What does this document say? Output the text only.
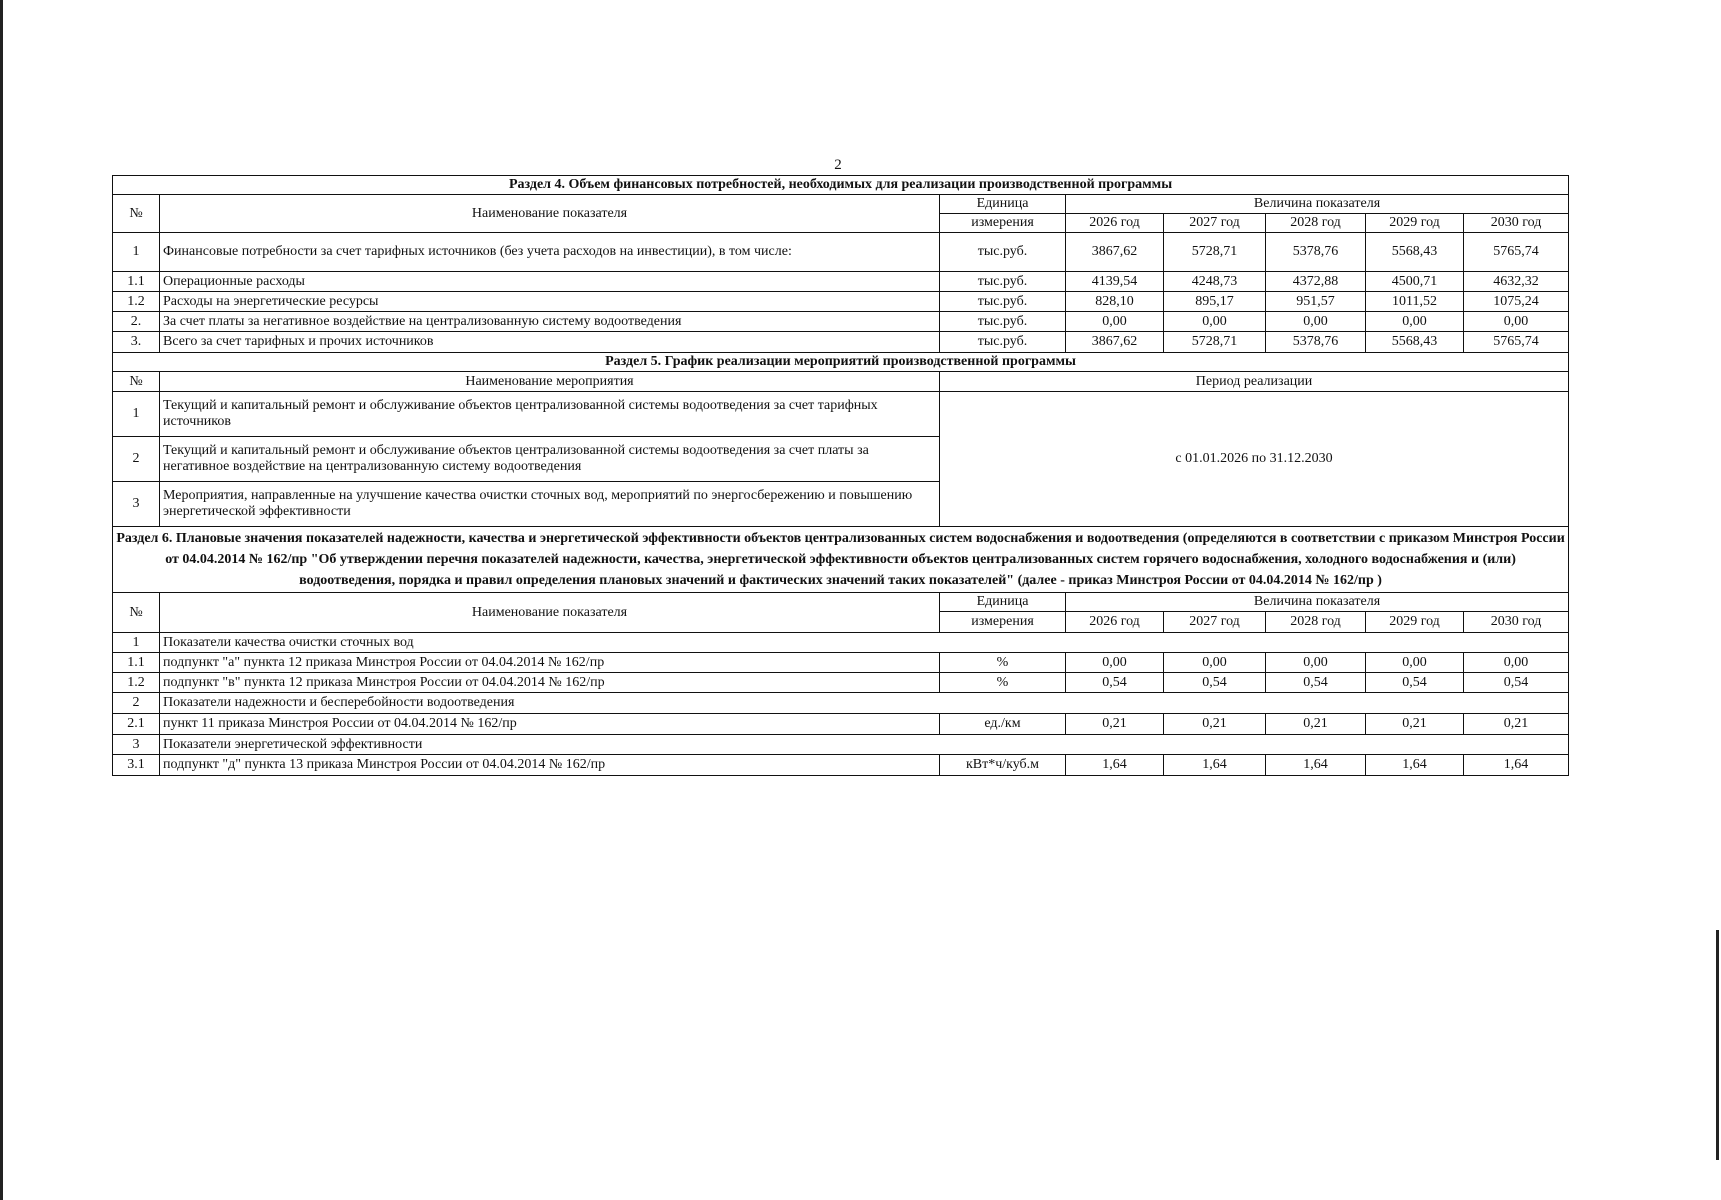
2
Раздел 4. Объем финансовых потребностей, необходимых для реализации производственной программы							
№	Наименование показателя	Единица	Величина показателя				
		измерения	2026 год	2027 год	2028 год	2029 год	2030 год
1	Финансовые потребности за счет тарифных источников (без учета расходов на инвестиции), в том числе:	тыс.руб.	3867,62	5728,71	5378,76	5568,43	5765,74
1.1	Операционные расходы	тыс.руб.	4139,54	4248,73	4372,88	4500,71	4632,32
1.2	Расходы на энергетические ресурсы	тыс.руб.	828,10	895,17	951,57	1011,52	1075,24
2.	За счет платы за негативное воздействие на централизованную систему водоотведения	тыс.руб.	0,00	0,00	0,00	0,00	0,00
3.	Всего за счет тарифных и прочих источников	тыс.руб.	3867,62	5728,71	5378,76	5568,43	5765,74
Раздел 5. График реализации мероприятий производственной программы							
№	Наименование мероприятия	Период реализации					
1	Текущий и капитальный ремонт и обслуживание объектов централизованной системы водоотведения за счет тарифных источников	с 01.01.2026 по 31.12.2030					
2	Текущий и капитальный ремонт и обслуживание объектов централизованной системы водоотведения за счет платы за негативное воздействие на централизованную систему водоотведения						
3	Мероприятия, направленные на улучшение качества очистки сточных вод, мероприятий по энергосбережению и повышению энергетической эффективности						
Раздел 6. Плановые значения показателей надежности, качества и энергетической эффективности объектов централизованных систем водоснабжения и водоотведения (определяются в соответствии с приказом Минстроя России от 04.04.2014 № 162/пр "Об утверждении перечня показателей надежности, качества, энергетической эффективности объектов централизованных систем горячего водоснабжения, холодного водоснабжения и (или) водоотведения, порядка и правил определения плановых значений и фактических значений таких показателей" (далее - приказ Минстроя России от 04.04.2014 № 162/пр )							
№	Наименование показателя	Единица	Величина показателя				
		измерения	2026 год	2027 год	2028 год	2029 год	2030 год
1	Показатели качества очистки сточных вод						
1.1	подпункт "а" пункта 12 приказа Минстроя России от 04.04.2014 № 162/пр	%	0,00	0,00	0,00	0,00	0,00
1.2	подпункт "в" пункта 12 приказа Минстроя России от 04.04.2014 № 162/пр	%	0,54	0,54	0,54	0,54	0,54
2	Показатели надежности и бесперебойности водоотведения						
2.1	пункт 11 приказа Минстроя России от 04.04.2014 № 162/пр	ед./км	0,21	0,21	0,21	0,21	0,21
3	Показатели энергетической эффективности						
3.1	подпункт "д" пункта 13 приказа Минстроя России от 04.04.2014 № 162/пр	кВт*ч/куб.м	1,64	1,64	1,64	1,64	1,64
